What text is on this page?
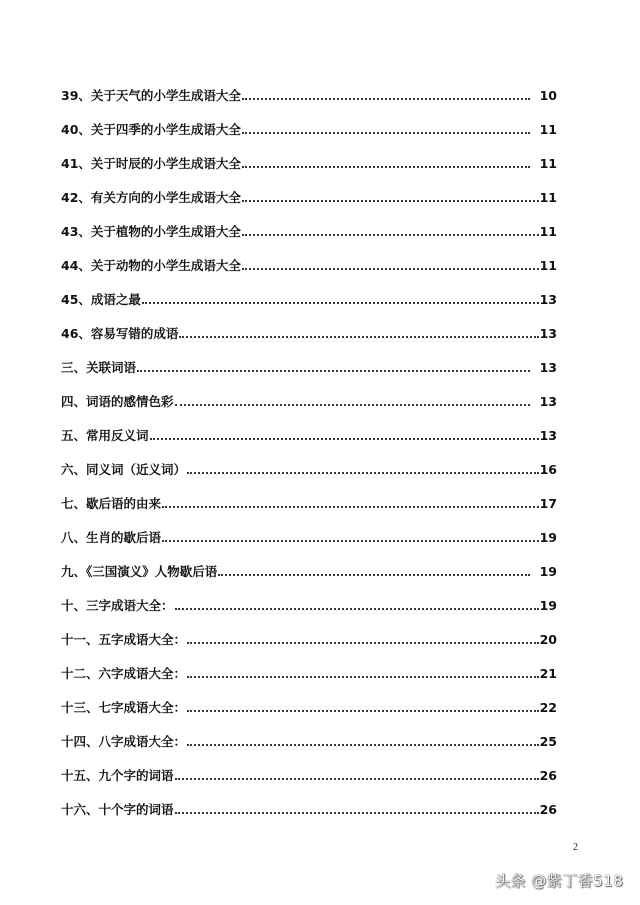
39、关于天气的小学生成语大全	10
40、关于四季的小学生成语大全	11
41、关于时辰的小学生成语大全	11
42、有关方向的小学生成语大全	11
43、关于植物的小学生成语大全	11
44、关于动物的小学生成语大全	11
45、成语之最	13
46、容易写错的成语	13
三、关联词语	13
四、词语的感情色彩	13
五、常用反义词	13
六、同义词（近义词）	16
七、歇后语的由来	17
八、生肖的歇后语	19
九、《三国演义》人物歇后语	19
十、三字成语大全：	19
十一、五字成语大全：	20
十二、六字成语大全：	21
十三、七字成语大全：	22
十四、八字成语大全：	25
十五、九个字的词语	26
十六、十个字的词语	26
2
头条 @紫丁香518
